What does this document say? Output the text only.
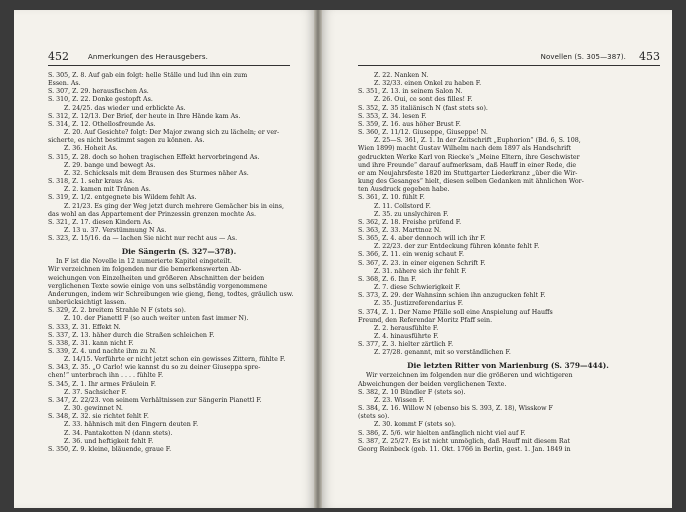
452	Anmerkungen des Herausgebers.
S. 305, Z. 8. Auf gab ein folgt: helle Ställe und lud ihn ein zum
Essen. As.
S. 307, Z. 29. herausfischen As.
S. 310, Z. 22. Donke gestopft As.
Z. 24/25. das wieder und erblickte As.
S. 312, Z. 12/13. Der Brief, der heute in Ihre Hände kam As.
S. 314, Z. 12. Othellosfreunde As.
Z. 20. Auf Gesichte? folgt: Der Major zwang sich zu lächeln; er ver-
sicherte, es nicht bestimmt sagen zu können. As.
Z. 36. Hoheit As.
S. 315, Z. 28. doch so hohen tragischen Effekt hervorbringend As.
Z. 29. bange und bewegt As.
Z. 32. Schicksals mit dem Brausen des Sturmes näher As.
S. 318, Z. 1. sehr kraus As.
Z. 2. kamen mit Tränen As.
S. 319, Z. 1/2. entgegnete bis Wildem fehlt As.
Z. 21/23. Es ging der Weg jetzt durch mehrere Gemächer bis in eins,
das wohl an das Appartement der Prinzessin grenzen mochte As.
S. 321, Z. 17. diesen Kindern As.
Z. 13 u. 37. Verstümmung N As.
S. 323, Z. 15/16. da — lachen Sie nicht nur recht aus — As.
Die Sängerin (S. 327—378).
In F ist die Novelle in 12 numerierte Kapitel eingeteilt.
Wir verzeichnen im folgenden nur die bemerkenswerten Ab-
weichungen von Einzelheiten und größeren Abschnitten der beiden
verglichenen Texte sowie einige von uns selbständig vorgenommene
Änderungen, indem wir Schreibungen wie gieng, fieng, todtes, gräulich usw.
unberücksichtigt lassen.
S. 329, Z. 2. breitem Strahle N F (stets so).
Z. 10. der Pianettl F (so auch weiter unten fast immer N).
S. 333, Z. 31. Effekt N.
S. 337, Z. 13. häher durch die Straßen schleichen F.
S. 338, Z. 31. kann nicht F.
S. 339, Z. 4. und nachte ihm zu N.
Z. 14/15. Verführte er nicht jetzt schon ein gewisses Zittern, fühlte F.
S. 343, Z. 35. „O Carlo! wie kannst du so zu deiner Giuseppa spre-
chen!“ unterbrach ihn . . . . fühlte F.
S. 345, Z. 1. Ihr armes Fräulein F.
Z. 37. Sachsicher F.
S. 347, Z. 22/23. von seinem Verhältnissen zur Sängerin Pianettl F.
Z. 30. gewinnet N.
S. 348, Z. 32. sie richtet fehlt F.
Z. 33. hähnisch mit den Fingern deuten F.
Z. 34. Pantakotten N (dann stets).
Z. 36. und heftigkeit fehlt F.
S. 350, Z. 9. kleine, bläuende, graue F.
Novellen (S. 305—387). 453
Z. 22. Nanken N.
Z. 32/33. einen Onkel zu haben F.
S. 351, Z. 13. in seinem Salon N.
Z. 26. Oui, ce sont des filles! F.
S. 352, Z. 35 italiänisch N (fast stets so).
S. 353, Z. 34. lesen F.
S. 359, Z. 16. aus höher Brust F.
S. 360, Z. 11/12. Giuseppe, Giuseppe! N.
Z. 25—S. 361, Z. 1. In der Zeitschrift „Euphorion“ (Bd. 6, S. 108,
Wien 1899) macht Gustav Wilhelm nach dem 1897 als Handschrift
gedruckten Werke Karl von Riecke's „Meine Eltern, ihre Geschwister
und ihre Freunde“ darauf aufmerksam, daß Hauff in einer Rede, die
er am Neujahrsfeste 1820 im Stuttgarter Liederkranz „über die Wir-
kung des Gesanges“ hielt, diesen selben Gedanken mit ähnlichen Wor-
ten Ausdruck gegeben habe.
S. 361, Z. 10. fühlt F.
Z. 11. Collstord F.
Z. 35. zu unslychiren F.
S. 362, Z. 18. Freishe prüfend F.
S. 363, Z. 33. Marttnoz N.
S. 365, Z. 4. aber dennoch will ich ihr F.
Z. 22/23. der zur Entdeckung führen könnte fehlt F.
S. 366, Z. 11. ein wenig schaut F.
S. 367, Z. 23. in einer eigenen Schrift F.
Z. 31. nähere sich ihr fehlt F.
S. 368, Z. 6. Ihn F.
Z. 7. diese Schwierigkeit F.
S. 373, Z. 29. der Wahnsinn schien ihn anzugucken fehlt F.
Z. 35. Justizreferendarius F.
S. 374, Z. 1. Der Name Pfälle soll eine Anspielung auf Hauffs
Freund, den Referendar Moritz Pfaff sein.
Z. 2. herausfühlte F.
Z. 4. hinausführte F.
S. 377, Z. 3. hielter zärtlich F.
Z. 27/28. genannt, mit so verständlichen F.
Die letzten Ritter von Marienburg (S. 379—444).
Wir verzeichnen im folgenden nur die größeren und wichtigeren
Abweichungen der beiden verglichenen Texte.
S. 382, Z. 10 Bündler F (stets so).
Z. 23. Wissen F.
S. 384, Z. 16. Willow N (ebenso bis S. 393, Z. 18), Wisskow F
(stets so).
Z. 30. kommt F (stets so).
S. 386, Z. 5/6. wir hielten anfänglich nicht viel auf F.
S. 387, Z. 25/27. Es ist nicht unmöglich, daß Hauff mit diesem Rat
Georg Reinbeck (geb. 11. Okt. 1766 in Berlin, gest. 1. Jan. 1849 in
